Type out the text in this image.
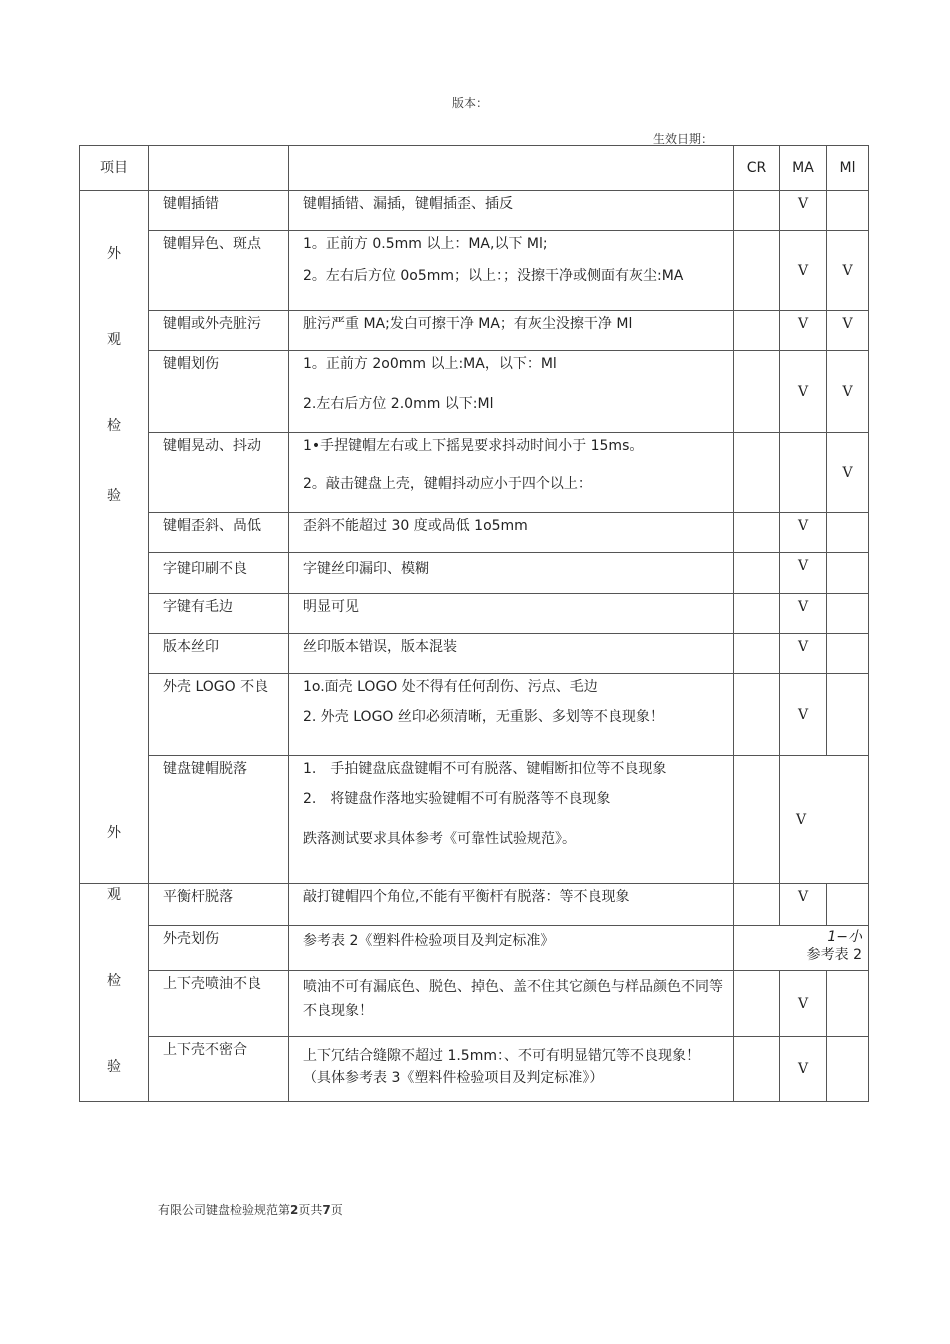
版本：
生效日期：
项目			CR	MA	Ml

外
观
检
验	键帽插错	键帽插错、漏插，键帽插歪、插反		V	
	键帽异色、斑点	1。正前方 0.5mm 以上：MA,以下 Ml;

2。左右后方位 0o5mm；以上：；没擦干净或侧面有灰尘:MA		V	V
	键帽或外壳脏污	脏污严重 MA;发白可擦干净 MA；有灰尘没擦干净 Ml		V	V
	键帽划伤	1。正前方 2o0mm 以上:MA，以下：Ml

2.左右后方位 2.0mm 以下:Ml		V	V
	键帽晃动、抖动	1•手捏键帽左右或上下摇晃要求抖动时间小于 15ms。

2。敲击键盘上壳，键帽抖动应小于四个以上：			V
	键帽歪斜、咼低	歪斜不能超过 30 度或咼低 1o5mm		V	
	字键印刷不良	字键丝印漏印、模糊		V	
	字键有毛边	明显可见		V	
	版本丝印	丝印版本错误，版本混装		V	
	外壳 LOGO 不良	1o.面壳 LOGO 处不得有任何刮伤、污点、毛边

2. 外壳 LOGO 丝印必须清晰，无重影、多划等不良现象！		V	
	键盘键帽脱落	1. 手拍键盘底盘键帽不可有脱落、键帽断扣位等不良现象

2. 将键盘作落地实验键帽不可有脱落等不良现象

跌落测试要求具体参考《可靠性试验规范》。		V	

外
观
检
验	平衡杆脱落	敲打键帽四个角位,不能有平衡杆有脱落：等不良现象		V	
	外壳划伤	参考表 2《塑料件检验项目及判定标准》	1−小
参考表 2		

	上下壳喷油不良	喷油不可有漏底色、脱色、掉色、盖不住其它颜色与样品颜色不同等不良现象！		V	
	上下壳不密合	上下冗结合缝隙不超过 1.5mm：、不可有明显错冗等不良现象！（具体参考表 3《塑料件检验项目及判定标准》）		V	
有限公司键盘检验规范第2页共7页
